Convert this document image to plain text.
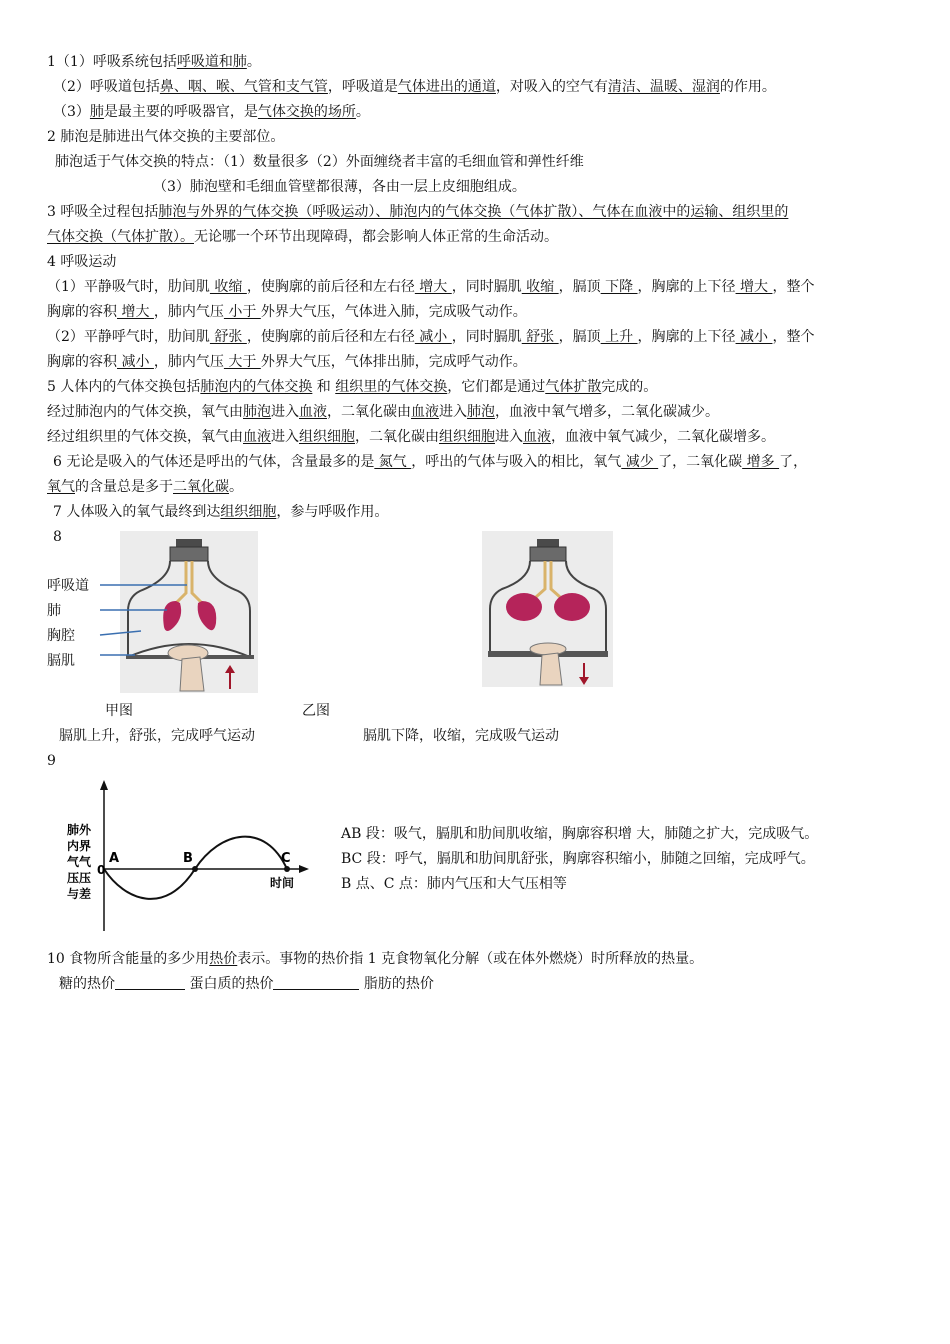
1（1）呼吸系统包括呼吸道和肺。
（2）呼吸道包括鼻、咽、喉、气管和支气管，呼吸道是气体进出的通道，对吸入的空气有清洁、温暖、湿润的作用。
（3）肺是最主要的呼吸器官，是气体交换的场所。
2 肺泡是肺进出气体交换的主要部位。
肺泡适于气体交换的特点：（1）数量很多（2）外面缠绕者丰富的毛细血管和弹性纤维
（3）肺泡壁和毛细血管壁都很薄，各由一层上皮细胞组成。
3 呼吸全过程包括肺泡与外界的气体交换（呼吸运动）、肺泡内的气体交换（气体扩散）、气体在血液中的运输、组织里的
气体交换（气体扩散）。无论哪一个环节出现障碍，都会影响人体正常的生命活动。
4 呼吸运动
（1）平静吸气时，肋间肌 收缩 ，使胸廓的前后径和左右径 增大 ，同时膈肌 收缩 ，膈顶 下降 ，胸廓的上下径 增大 ，整个
胸廓的容积 增大 ，肺内气压 小于 外界大气压，气体进入肺，完成吸气动作。
（2）平静呼气时，肋间肌 舒张 ，使胸廓的前后径和左右径 减小 ，同时膈肌 舒张 ，膈顶 上升 ，胸廓的上下径 减小 ，整个
胸廓的容积 减小 ，肺内气压 大于 外界大气压，气体排出肺，完成呼气动作。
5 人体内的气体交换包括肺泡内的气体交换 和 组织里的气体交换，它们都是通过气体扩散完成的。
经过肺泡内的气体交换，氧气由肺泡进入血液，二氧化碳由血液进入肺泡，血液中氧气增多，二氧化碳减少。
经过组织里的气体交换，氧气由血液进入组织细胞，二氧化碳由组织细胞进入血液，血液中氧气减少，二氧化碳增多。
6 无论是吸入的气体还是呼出的气体，含量最多的是 氮气 ，呼出的气体与吸入的相比，氧气 减少 了，二氧化碳 增多 了，
氧气的含量总是多于二氧化碳。
7 人体吸入的氧气最终到达组织细胞，参与呼吸作用。
8
呼吸道
肺
胸腔
膈肌
甲图	乙图
膈肌上升，舒张，完成呼气运动	膈肌下降，收缩，完成吸气运动
9
肺外
内界
气气
压压
与差
0
A	B	C
时间
AB 段：吸气，膈肌和肋间肌收缩，胸廓容积增 大，肺随之扩大，完成吸气。
BC 段：呼气，膈肌和肋间肌舒张，胸廓容积缩小，肺随之回缩，完成呼气。
B 点、C 点：肺内气压和大气压相等
10 食物所含能量的多少用热价表示。事物的热价指 1 克食物氧化分解（或在体外燃烧）时所释放的热量。
糖的热价	蛋白质的热价	脂肪的热价
